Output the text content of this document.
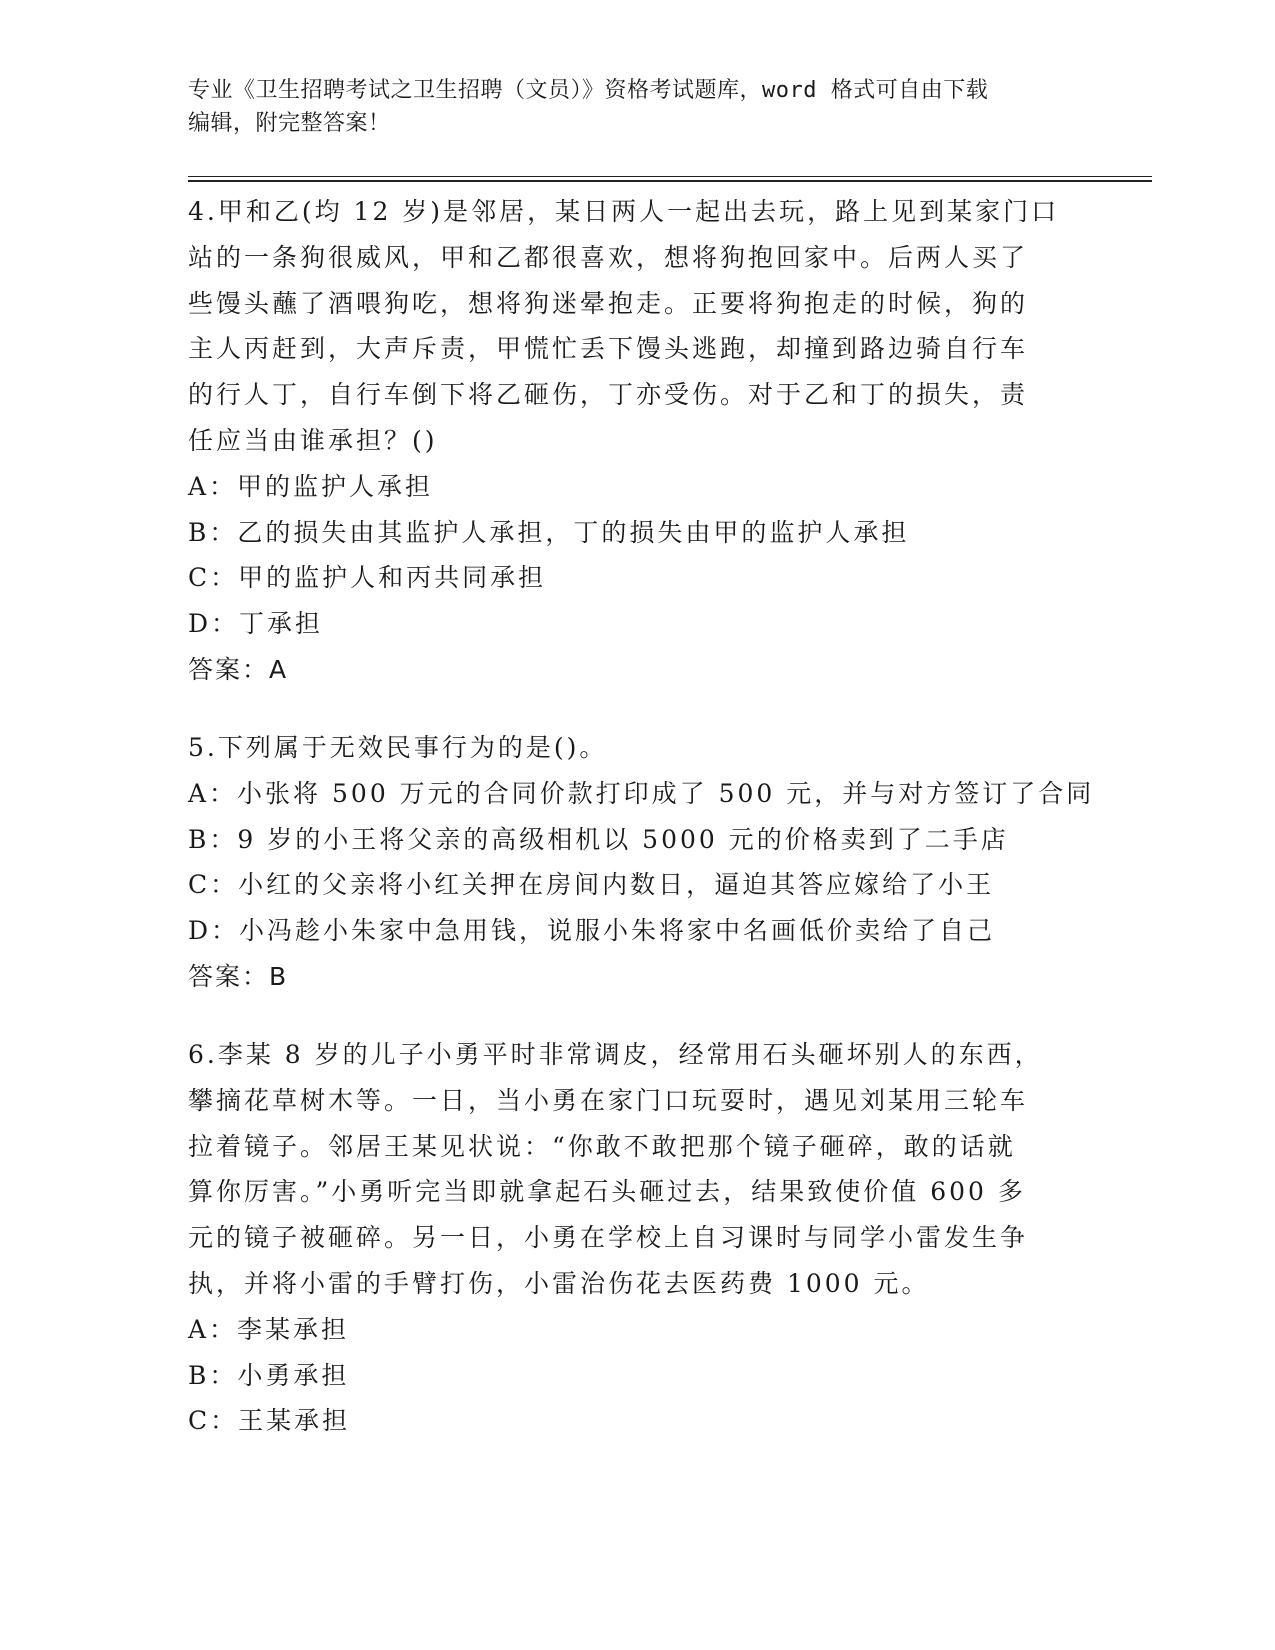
专业《卫生招聘考试之卫生招聘（文员）》资格考试题库，word 格式可自由下载
编辑，附完整答案！
4.甲和乙(均 12 岁)是邻居，某日两人一起出去玩，路上见到某家门口
站的一条狗很威风，甲和乙都很喜欢，想将狗抱回家中。后两人买了
些馒头蘸了酒喂狗吃，想将狗迷晕抱走。正要将狗抱走的时候，狗的
主人丙赶到，大声斥责，甲慌忙丢下馒头逃跑，却撞到路边骑自行车
的行人丁，自行车倒下将乙砸伤，丁亦受伤。对于乙和丁的损失，责
任应当由谁承担？()
A：甲的监护人承担
B：乙的损失由其监护人承担，丁的损失由甲的监护人承担
C：甲的监护人和丙共同承担
D：丁承担
答案：A
5.下列属于无效民事行为的是()。
A：小张将 500 万元的合同价款打印成了 500 元，并与对方签订了合同
B：9 岁的小王将父亲的高级相机以 5000 元的价格卖到了二手店
C：小红的父亲将小红关押在房间内数日，逼迫其答应嫁给了小王
D：小冯趁小朱家中急用钱，说服小朱将家中名画低价卖给了自己
答案：B
6.李某 8 岁的儿子小勇平时非常调皮，经常用石头砸坏别人的东西，
攀摘花草树木等。一日，当小勇在家门口玩耍时，遇见刘某用三轮车
拉着镜子。邻居王某见状说：“你敢不敢把那个镜子砸碎，敢的话就
算你厉害。”小勇听完当即就拿起石头砸过去，结果致使价值 600 多
元的镜子被砸碎。另一日，小勇在学校上自习课时与同学小雷发生争
执，并将小雷的手臂打伤，小雷治伤花去医药费 1000 元。
A：李某承担
B：小勇承担
C：王某承担
